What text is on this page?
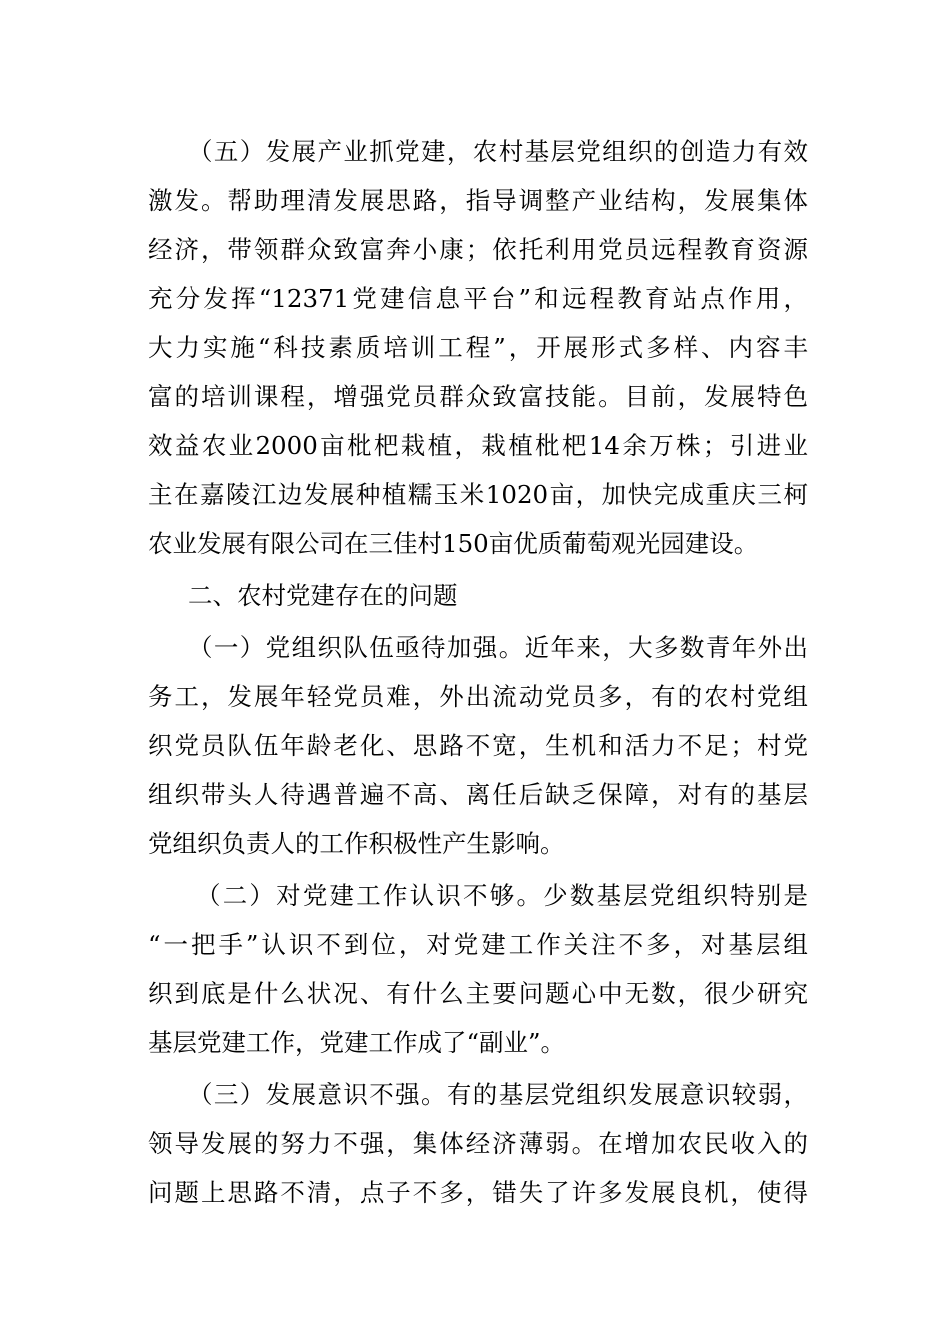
（五）发展产业抓党建，农村基层党组织的创造力有效
激发。帮助理清发展思路，指导调整产业结构，发展集体
经济，带领群众致富奔小康；依托利用党员远程教育资源
充分发挥“12371党建信息平台”和远程教育站点作用，
大力实施“科技素质培训工程”，开展形式多样、内容丰
富的培训课程，增强党员群众致富技能。目前，发展特色
效益农业2000亩枇杷栽植，栽植枇杷14余万株；引进业
主在嘉陵江边发展种植糯玉米1020亩，加快完成重庆三柯
农业发展有限公司在三佳村150亩优质葡萄观光园建设。
二、农村党建存在的问题
（一）党组织队伍亟待加强。近年来，大多数青年外出
务工，发展年轻党员难，外出流动党员多，有的农村党组
织党员队伍年龄老化、思路不宽，生机和活力不足；村党
组织带头人待遇普遍不高、离任后缺乏保障，对有的基层
党组织负责人的工作积极性产生影响。
（二）对党建工作认识不够。少数基层党组织特别是
“一把手”认识不到位，对党建工作关注不多，对基层组
织到底是什么状况、有什么主要问题心中无数，很少研究
基层党建工作，党建工作成了“副业”。
（三）发展意识不强。有的基层党组织发展意识较弱，
领导发展的努力不强，集体经济薄弱。在增加农民收入的
问题上思路不清，点子不多，错失了许多发展良机，使得
